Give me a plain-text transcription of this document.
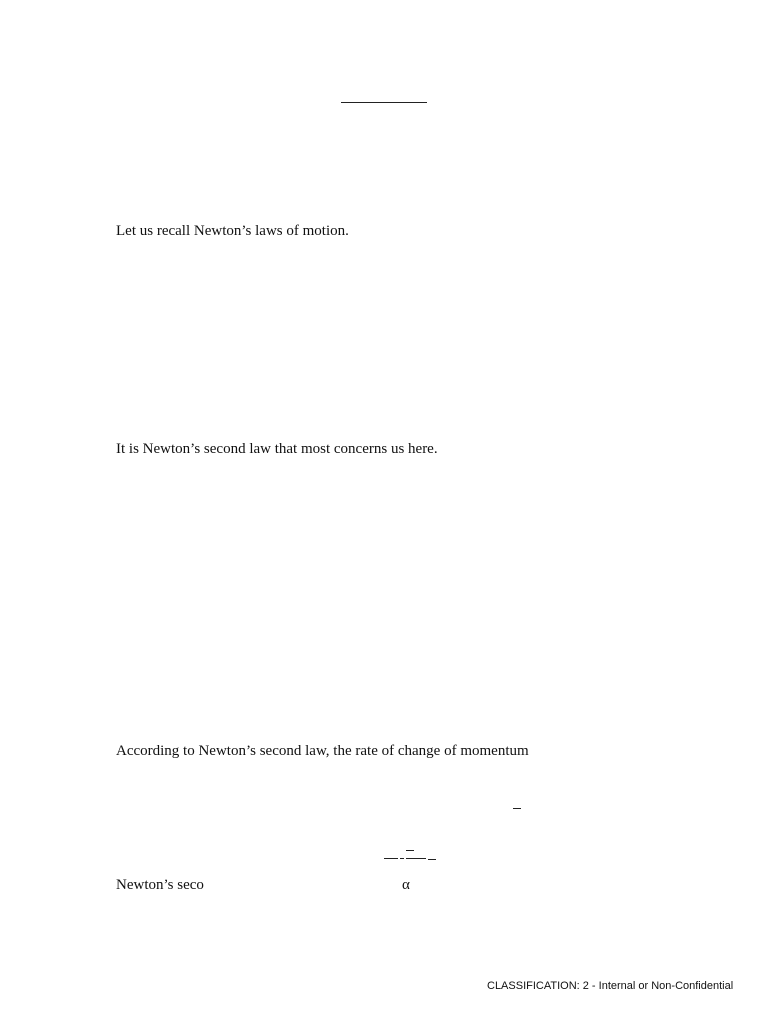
Let us recall Newton’s laws of motion.
It is Newton’s second law that most concerns us here.
According to Newton’s second law, the rate of change of momentum
Newton’s seco	α
CLASSIFICATION: 2 - Internal or Non-Confidential
